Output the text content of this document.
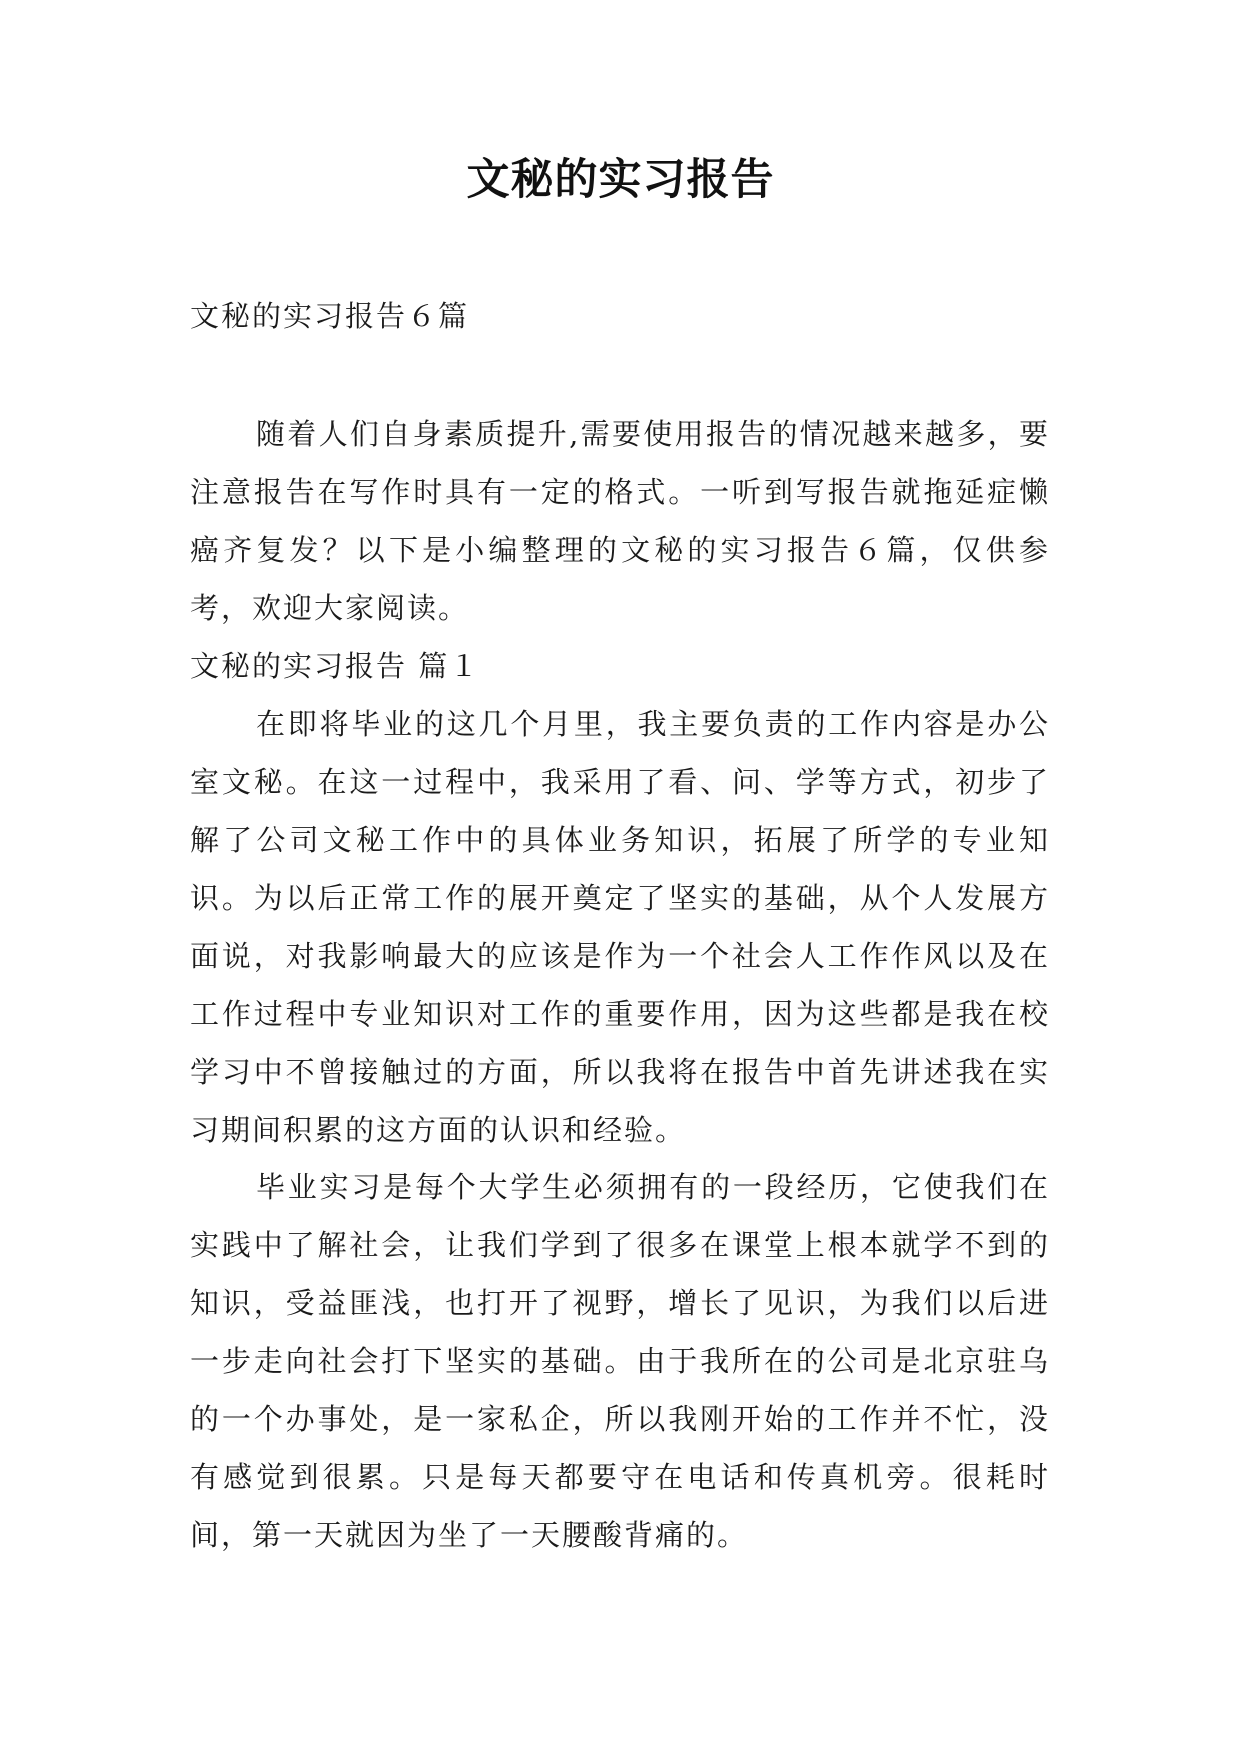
文秘的实习报告
文秘的实习报告６篇

随着人们自身素质提升,需要使用报告的情况越来越多，要注意报告在写作时具有一定的格式。一听到写报告就拖延症懒癌齐复发？以下是小编整理的文秘的实习报告６篇，仅供参考，欢迎大家阅读。

文秘的实习报告 篇１

在即将毕业的这几个月里，我主要负责的工作内容是办公室文秘。在这一过程中，我采用了看、问、学等方式，初步了解了公司文秘工作中的具体业务知识，拓展了所学的专业知识。为以后正常工作的展开奠定了坚实的基础，从个人发展方面说，对我影响最大的应该是作为一个社会人工作作风以及在工作过程中专业知识对工作的重要作用，因为这些都是我在校学习中不曾接触过的方面，所以我将在报告中首先讲述我在实习期间积累的这方面的认识和经验。

毕业实习是每个大学生必须拥有的一段经历，它使我们在实践中了解社会，让我们学到了很多在课堂上根本就学不到的知识，受益匪浅，也打开了视野，增长了见识，为我们以后进一步走向社会打下坚实的基础。由于我所在的公司是北京驻乌的一个办事处，是一家私企，所以我刚开始的工作并不忙，没有感觉到很累。只是每天都要守在电话和传真机旁。很耗时间，第一天就因为坐了一天腰酸背痛的。
